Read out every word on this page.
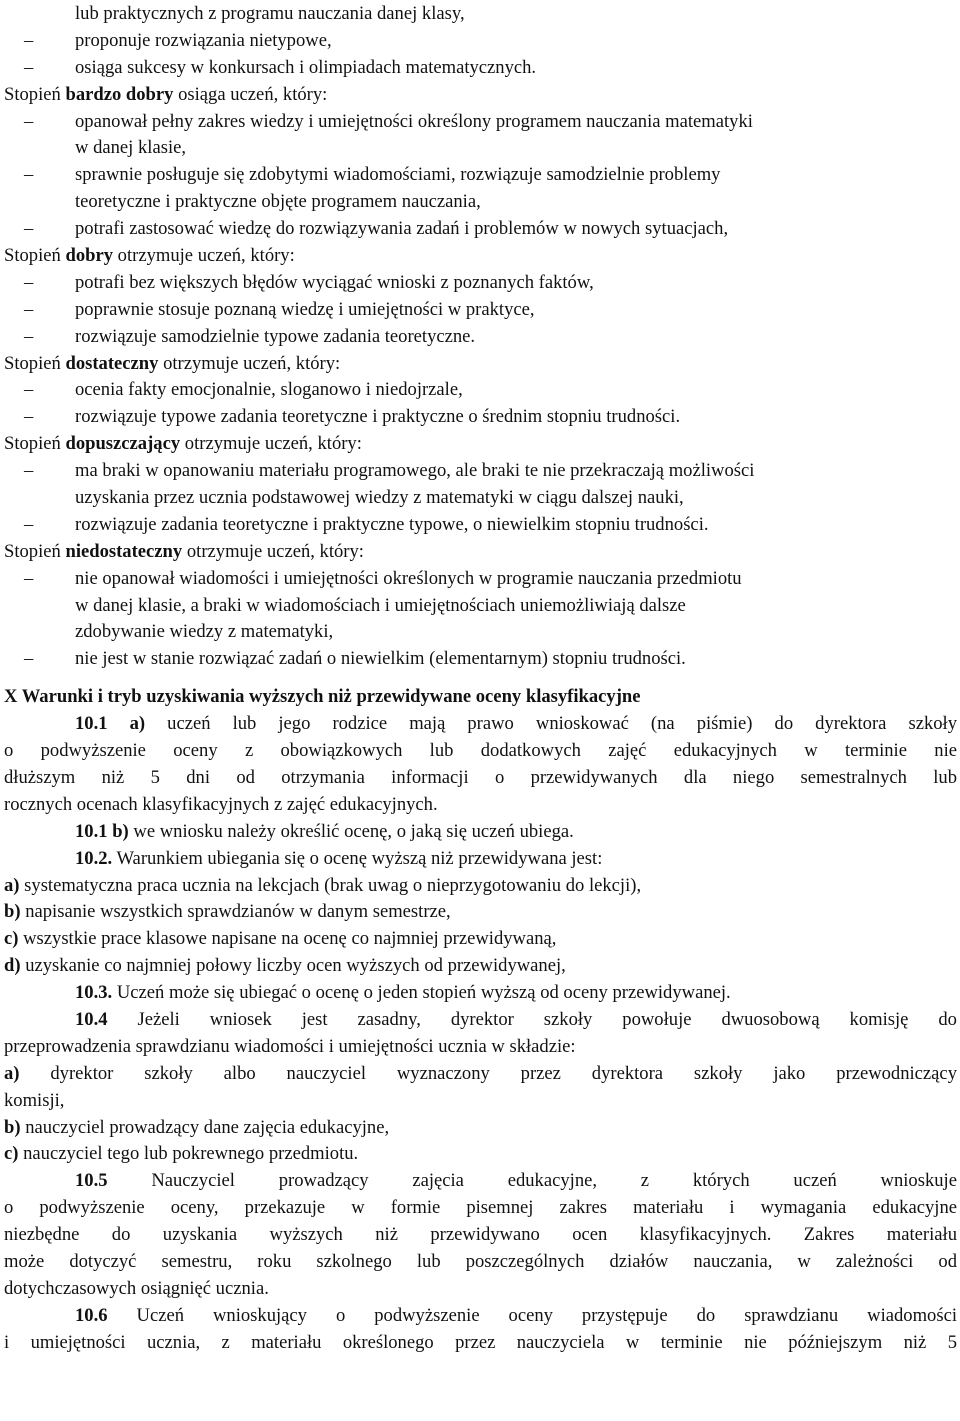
lub praktycznych z programu nauczania danej klasy,
– proponuje rozwiązania nietypowe,
– osiąga sukcesy w konkursach i olimpiadach matematycznych.
Stopień bardzo dobry osiąga uczeń, który:
– opanował pełny zakres wiedzy i umiejętności określony programem nauczania matematyki
w danej klasie,
– sprawnie posługuje się zdobytymi wiadomościami, rozwiązuje samodzielnie problemy
teoretyczne i praktyczne objęte programem nauczania,
– potrafi zastosować wiedzę do rozwiązywania zadań i problemów w nowych sytuacjach,
Stopień dobry otrzymuje uczeń, który:
– potrafi bez większych błędów wyciągać wnioski z poznanych faktów,
– poprawnie stosuje poznaną wiedzę i umiejętności w praktyce,
– rozwiązuje samodzielnie typowe zadania teoretyczne.
Stopień dostateczny otrzymuje uczeń, który:
– ocenia fakty emocjonalnie, sloganowo i niedojrzale,
– rozwiązuje typowe zadania teoretyczne i praktyczne o średnim stopniu trudności.
Stopień dopuszczający otrzymuje uczeń, który:
– ma braki w opanowaniu materiału programowego, ale braki te nie przekraczają możliwości
uzyskania przez ucznia podstawowej wiedzy z matematyki w ciągu dalszej nauki,
– rozwiązuje zadania teoretyczne i praktyczne typowe, o niewielkim stopniu trudności.
Stopień niedostateczny otrzymuje uczeń, który:
– nie opanował wiadomości i umiejętności określonych w programie nauczania przedmiotu
w danej klasie, a braki w wiadomościach i umiejętnościach uniemożliwiają dalsze
zdobywanie wiedzy z matematyki,
– nie jest w stanie rozwiązać zadań o niewielkim (elementarnym) stopniu trudności.
X Warunki i tryb uzyskiwania wyższych niż przewidywane oceny klasyfikacyjne
10.1 a) uczeń lub jego rodzice mają prawo wnioskować (na piśmie) do dyrektora szkoły
o podwyższenie oceny z obowiązkowych lub dodatkowych zajęć edukacyjnych w terminie nie
dłuższym niż 5 dni od otrzymania informacji o przewidywanych dla niego semestralnych lub
rocznych ocenach klasyfikacyjnych z zajęć edukacyjnych.
10.1 b) we wniosku należy określić ocenę, o jaką się uczeń ubiega.
10.2. Warunkiem ubiegania się o ocenę wyższą niż przewidywana jest:
a) systematyczna praca ucznia na lekcjach (brak uwag o nieprzygotowaniu do lekcji),
b) napisanie wszystkich sprawdzianów w danym semestrze,
c) wszystkie prace klasowe napisane na ocenę co najmniej przewidywaną,
d) uzyskanie co najmniej połowy liczby ocen wyższych od przewidywanej,
10.3. Uczeń może się ubiegać o ocenę o jeden stopień wyższą od oceny przewidywanej.
10.4 Jeżeli wniosek jest zasadny, dyrektor szkoły powołuje dwuosobową komisję do
przeprowadzenia sprawdzianu wiadomości i umiejętności ucznia w składzie:
a) dyrektor szkoły albo nauczyciel wyznaczony przez dyrektora szkoły jako przewodniczący
komisji,
b) nauczyciel prowadzący dane zajęcia edukacyjne,
c) nauczyciel tego lub pokrewnego przedmiotu.
10.5 Nauczyciel prowadzący zajęcia edukacyjne, z których uczeń wnioskuje
o podwyższenie oceny, przekazuje w formie pisemnej zakres materiału i wymagania edukacyjne
niezbędne do uzyskania wyższych niż przewidywano ocen klasyfikacyjnych. Zakres materiału
może dotyczyć semestru, roku szkolnego lub poszczególnych działów nauczania, w zależności od
dotychczasowych osiągnięć ucznia.
10.6 Uczeń wnioskujący o podwyższenie oceny przystępuje do sprawdzianu wiadomości
i umiejętności ucznia, z materiału określonego przez nauczyciela w terminie nie późniejszym niż 5
